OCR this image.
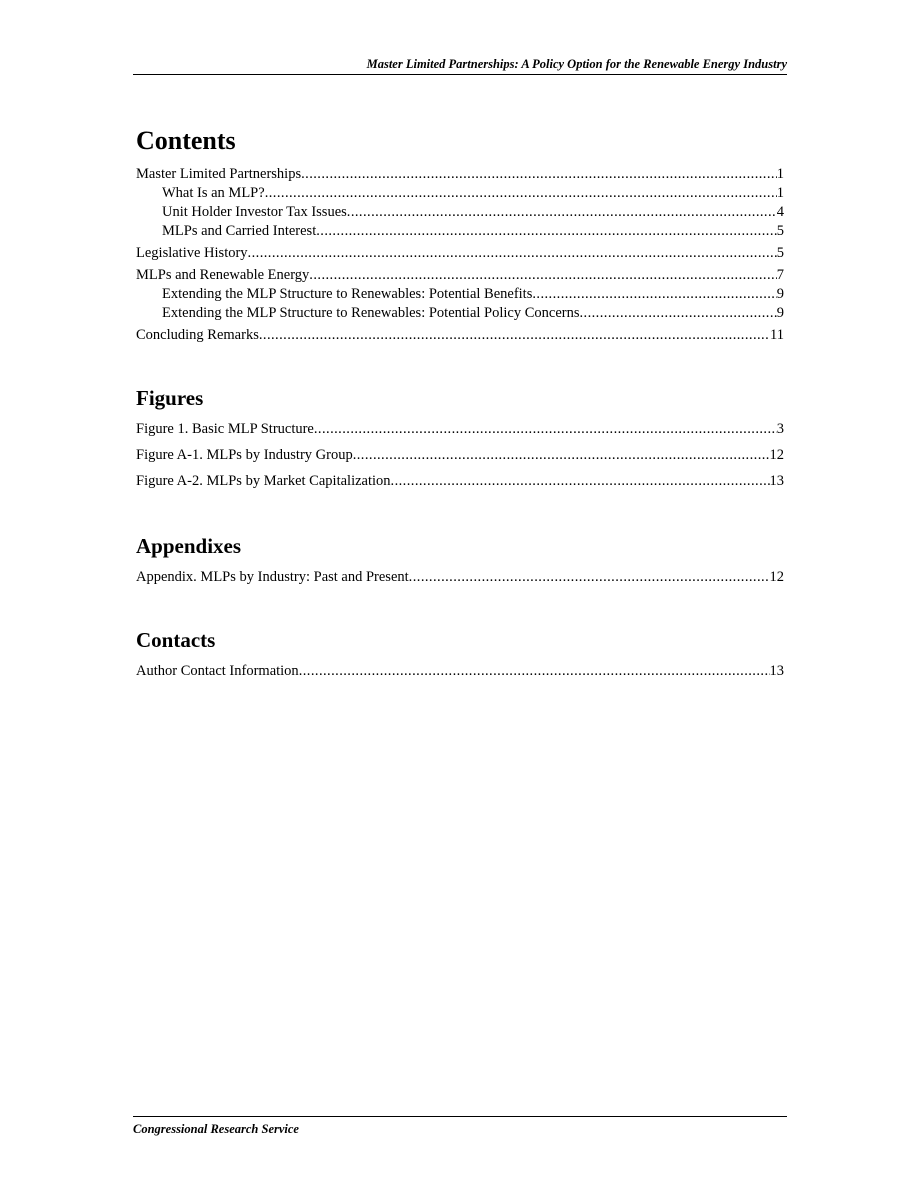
Master Limited Partnerships: A Policy Option for the Renewable Energy Industry
Contents
Master Limited Partnerships . . .	1
What Is an MLP? . . .	1
Unit Holder Investor Tax Issues . . .	4
MLPs and Carried Interest . . .	5
Legislative History . . .	5
MLPs and Renewable Energy . . .	7
Extending the MLP Structure to Renewables: Potential Benefits . . .	9
Extending the MLP Structure to Renewables: Potential Policy Concerns . . .	9
Concluding Remarks . . .	11
Figures
Figure 1. Basic MLP Structure . . .	3
Figure A-1. MLPs by Industry Group . . .	12
Figure A-2. MLPs by Market Capitalization . . .	13
Appendixes
Appendix. MLPs by Industry: Past and Present . . .	12
Contacts
Author Contact Information . . .	13
Congressional Research Service
